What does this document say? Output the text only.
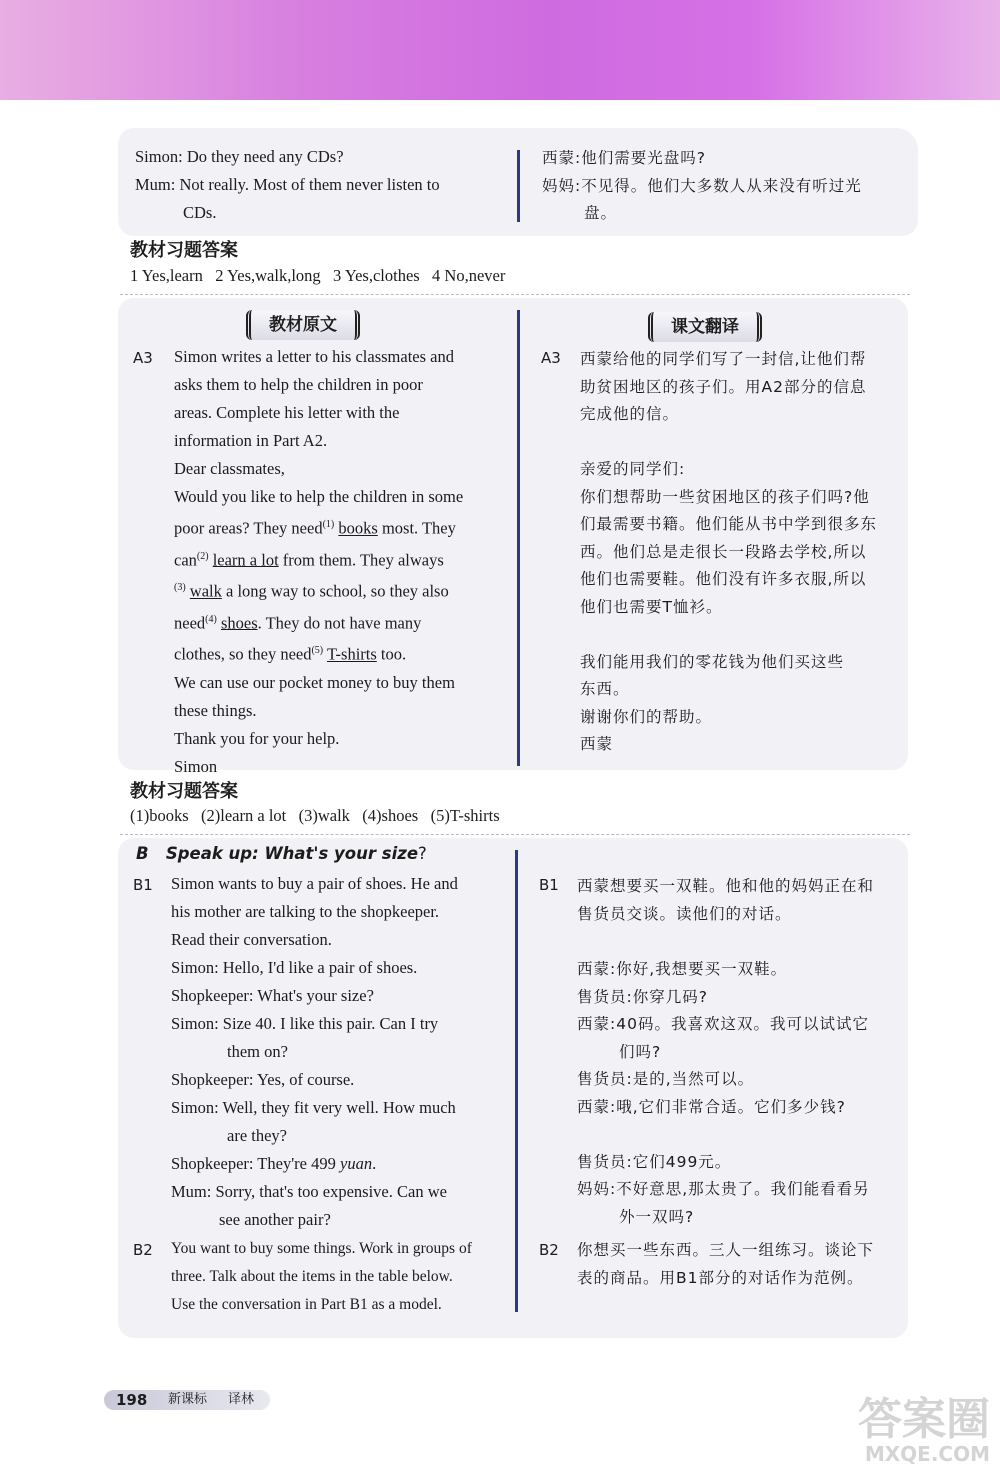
Simon: Do they need any CDs?
Mum: Not really. Most of them never listen to
CDs.
西蒙:他们需要光盘吗?
妈妈:不见得。他们大多数人从来没有听过光
盘。
教材习题答案
1 Yes,learn   2 Yes,walk,long   3 Yes,clothes   4 No,never
教材原文	课文翻译
A3 Simon writes a letter to his classmates and
asks them to help the children in poor
areas. Complete his letter with the
information in Part A2.
Dear classmates,
Would you like to help the children in some
poor areas? They need$^{(1)}$ books most. They
can$^{(2)}$ learn a lot from them. They always
$^{(3)}$ walk a long way to school, so they also
need$^{(4)}$ shoes. They do not have many
clothes, so they need$^{(5)}$ T-shirts too.
We can use our pocket money to buy them
these things.
Thank you for your help.
Simon
A3 西蒙给他的同学们写了一封信,让他们帮
助贫困地区的孩子们。用A2部分的信息
完成他的信。
亲爱的同学们:
你们想帮助一些贫困地区的孩子们吗?他
们最需要书籍。他们能从书中学到很多东
西。他们总是走很长一段路去学校,所以
他们也需要鞋。他们没有许多衣服,所以
他们也需要T恤衫。
我们能用我们的零花钱为他们买这些
东西。
谢谢你们的帮助。
西蒙
教材习题答案
(1)books   (2)learn a lot   (3)walk   (4)shoes   (5)T-shirts
B Speak up: What's your size?
B1 Simon wants to buy a pair of shoes. He and
his mother are talking to the shopkeeper.
Read their conversation.
Simon: Hello, I'd like a pair of shoes.
Shopkeeper: What's your size?
Simon: Size 40. I like this pair. Can I try
them on?
Shopkeeper: Yes, of course.
Simon: Well, they fit very well. How much
are they?
Shopkeeper: They're 499 yuan.
Mum: Sorry, that's too expensive. Can we
see another pair?
B2 You want to buy some things. Work in groups of
three. Talk about the items in the table below.
Use the conversation in Part B1 as a model.
B1 西蒙想要买一双鞋。他和他的妈妈正在和
售货员交谈。读他们的对话。
西蒙:你好,我想要买一双鞋。
售货员:你穿几码?
西蒙:40码。我喜欢这双。我可以试试它
们吗?
售货员:是的,当然可以。
西蒙:哦,它们非常合适。它们多少钱?
售货员:它们499元。
妈妈:不好意思,那太贵了。我们能看看另
外一双吗?
B2 你想买一些东西。三人一组练习。谈论下
表的商品。用B1部分的对话作为范例。
198 新课标 译林	答案圈
MXQE.COM
